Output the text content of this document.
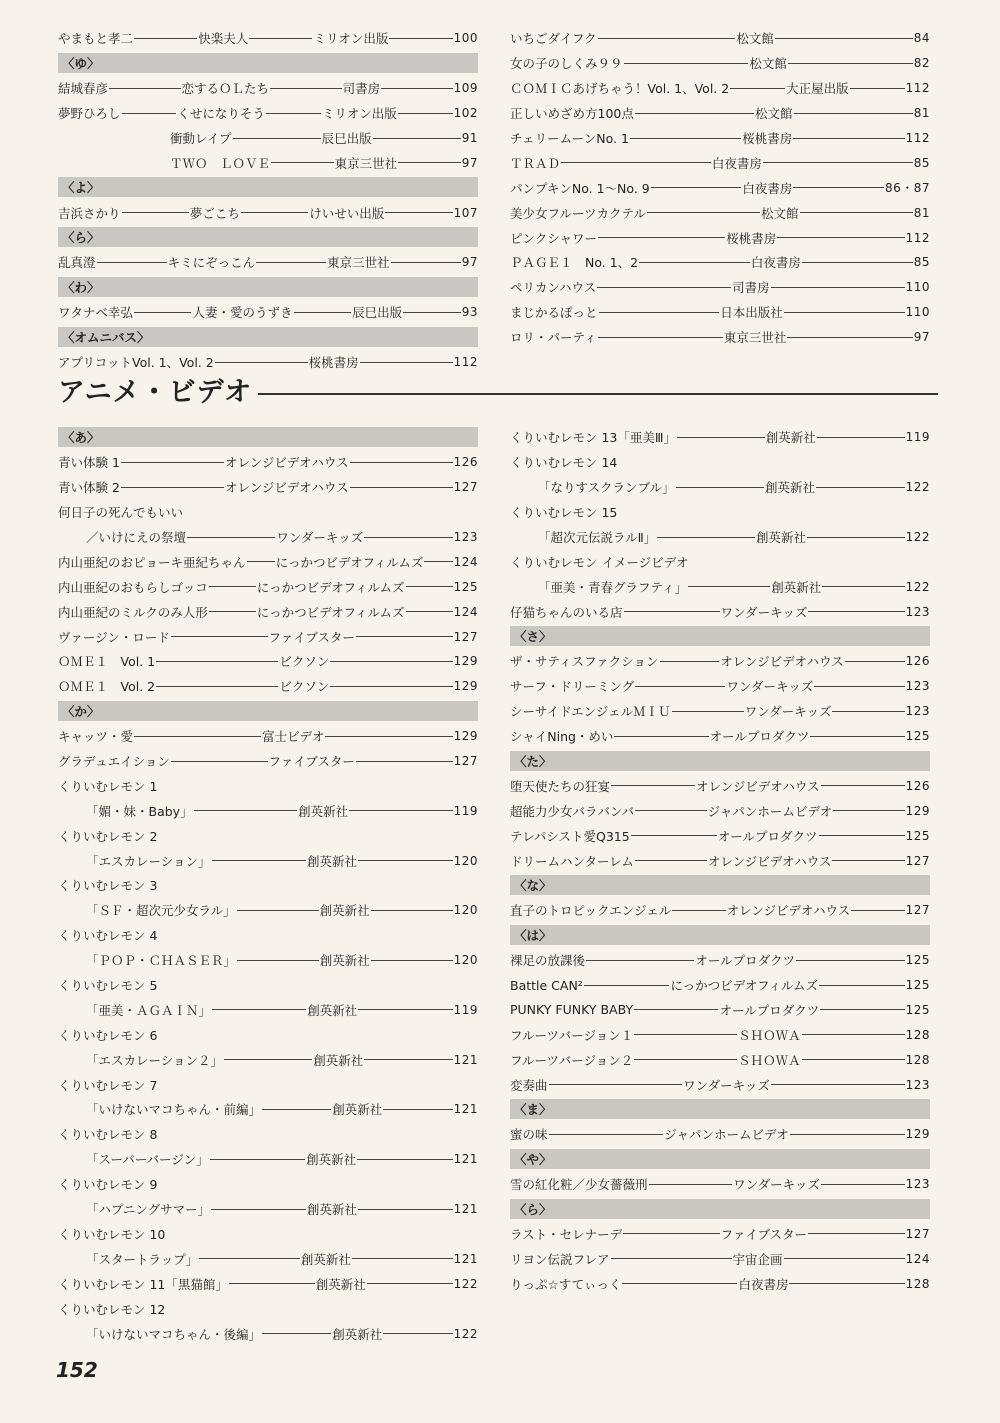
やまもと孝二	快楽夫人	ミリオン出版	100
〈ゆ〉
結城春彦	恋するＯＬたち	司書房	109
夢野ひろし	くせになりそう	ミリオン出版	102
衝動レイプ	辰巳出版	91
ＴＷＯ　ＬＯＶＥ	東京三世社	97
〈よ〉
吉浜さかり	夢ごこち	けいせい出版	107
〈ら〉
乱真澄	キミにぞっこん	東京三世社	97
〈わ〉
ワタナベ幸弘	人妻・愛のうずき	辰巳出版	93
〈オムニバス〉
アプリコットVol. 1、Vol. 2	桜桃書房	112
いちごダイフク	松文館	84
女の子のしくみ９９	松文館	82
ＣＯＭＩＣあげちゃう！Vol. 1、Vol. 2	大正屋出版	112
正しいめざめ方100点	松文館	81
チェリームーンNo. 1	桜桃書房	112
ＴＲＡＤ	白夜書房	85
パンプキンNo. 1～No. 9	白夜書房	86・87
美少女フルーツカクテル	松文館	81
ピンクシャワー	桜桃書房	112
ＰＡＧＥ１　No. 1、2	白夜書房	85
ペリカンハウス	司書房	110
まじかるぽっと	日本出版社	110
ロリ・パーティ	東京三世社	97
アニメ・ビデオ
〈あ〉
青い体験 1	オレンジビデオハウス	126
青い体験 2	オレンジビデオハウス	127
何日子の死んでもいい
／いけにえの祭壇	ワンダーキッズ	123
内山亜紀のおピョーキ亜紀ちゃん にっかつビデオフィルムズ	124
内山亜紀のおもらしゴッコ	にっかつビデオフィルムズ	125
内山亜紀のミルクのみ人形	にっかつビデオフィルムズ	124
ヴァージン・ロード	ファイブスター	127
ＯＭＥ１　Vol. 1	ビクソン	129
ＯＭＥ１　Vol. 2	ビクソン	129
〈か〉
キャッツ・愛	富士ビデオ	129
グラデュエイション	ファイブスター	127
くりいむレモン 1
「媚・妹・Baby」	創英新社	119
くりいむレモン 2
「エスカレーション」	創英新社	120
くりいむレモン 3
「ＳＦ・超次元少女ラル」	創英新社	120
くりいむレモン 4
「ＰＯＰ・ＣＨＡＳＥＲ」	創英新社	120
くりいむレモン 5
「亜美・ＡＧＡＩＮ」	創英新社	119
くりいむレモン 6
「エスカレーション２」	創英新社	121
くりいむレモン 7
「いけないマコちゃん・前編」	創英新社	121
くりいむレモン 8
「スーパーバージン」	創英新社	121
くりいむレモン 9
「ハプニングサマー」	創英新社	121
くりいむレモン 10
「スタートラップ」	創英新社	121
くりいむレモン 11「黒猫館」	創英新社	122
くりいむレモン 12
「いけないマコちゃん・後編」	創英新社	122
くりいむレモン 13「亜美Ⅲ」	創英新社	119
くりいむレモン 14
「なりすスクランブル」	創英新社	122
くりいむレモン 15
「超次元伝説ラルⅡ」	創英新社	122
くりいむレモン イメージビデオ
「亜美・青春グラフティ」	創英新社	122
仔猫ちゃんのいる店	ワンダーキッズ	123
〈さ〉
ザ・サティスファクション	オレンジビデオハウス	126
サーフ・ドリーミング	ワンダーキッズ	123
シーサイドエンジェルＭＩＵ	ワンダーキッズ	123
シャイNing・めい	オールプロダクツ	125
〈た〉
堕天使たちの狂宴	オレンジビデオハウス	126
超能力少女バラバンバ	ジャパンホームビデオ	129
テレパシスト愛Q315	オールプロダクツ	125
ドリームハンターレム	オレンジビデオハウス	127
〈な〉
直子のトロピックエンジェル	オレンジビデオハウス	127
〈は〉
裸足の放課後	オールプロダクツ	125
Battle CAN²	にっかつビデオフィルムズ	125
PUNKY FUNKY BABY	オールプロダクツ	125
フルーツバージョン１	ＳＨＯＷＡ	128
フルーツバージョン２	ＳＨＯＷＡ	128
変奏曲	ワンダーキッズ	123
〈ま〉
蜜の味	ジャパンホームビデオ	129
〈や〉
雪の紅化粧／少女薔薇刑	ワンダーキッズ	123
〈ら〉
ラスト・セレナーデ	ファイブスター	127
リヨン伝説フレア	宇宙企画	124
りっぷ☆すてぃっく	白夜書房	128
152
